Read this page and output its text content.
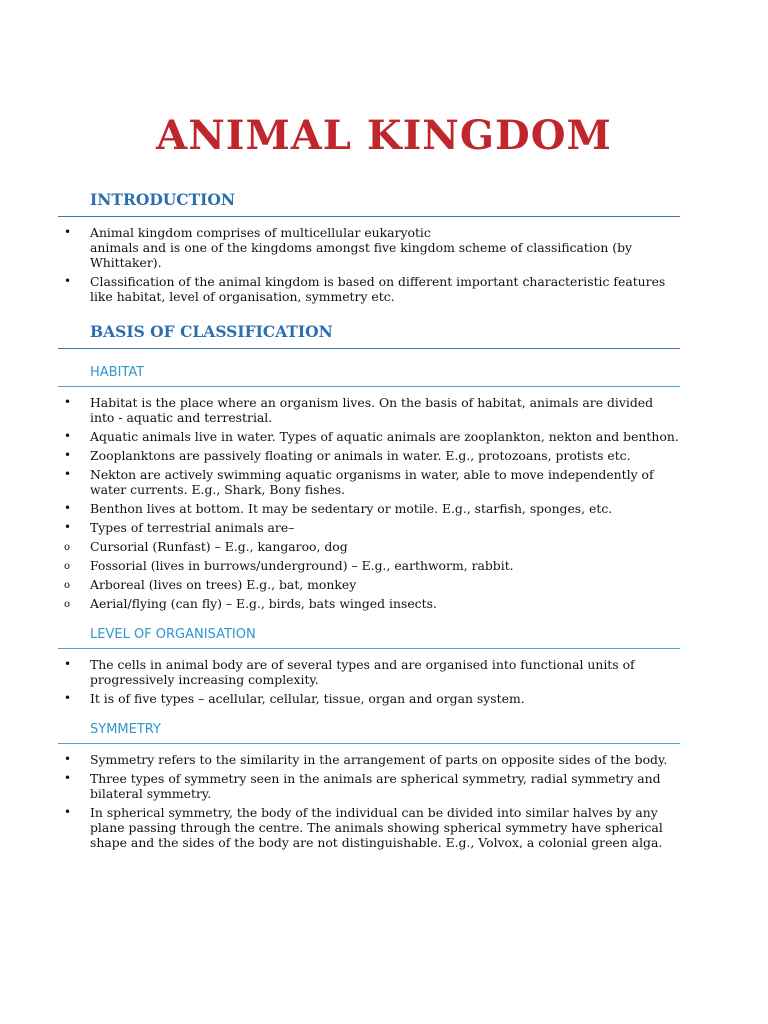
ANIMAL KINGDOM
INTRODUCTION
•	Animal kingdom comprises of multicellular eukaryotic
animals and is one of the kingdoms amongst five kingdom scheme of classification (by Whittaker).
•	Classification of the animal kingdom is based on different important characteristic features like habitat, level of organisation, symmetry etc.
BASIS OF CLASSIFICATION
HABITAT
•	Habitat is the place where an organism lives. On the basis of habitat, animals are divided into - aquatic and terrestrial.
•	Aquatic animals live in water. Types of aquatic animals are zooplankton, nekton and benthon.
•	Zooplanktons are passively floating or animals in water. E.g., protozoans, protists etc.
•	Nekton are actively swimming aquatic organisms in water, able to move independently of water currents. E.g., Shark, Bony fishes.
•	Benthon lives at bottom. It may be sedentary or motile. E.g., starfish, sponges, etc.
•	Types of terrestrial animals are–
o	Cursorial (Runfast) – E.g., kangaroo, dog
o	Fossorial (lives in burrows/underground) – E.g., earthworm, rabbit.
o	Arboreal (lives on trees) E.g., bat, monkey
o	Aerial/flying (can fly) – E.g., birds, bats winged insects.
LEVEL OF ORGANISATION
•	The cells in animal body are of several types and are organised into functional units of progressively increasing complexity.
•	It is of five types – acellular, cellular, tissue, organ and organ system.
SYMMETRY
•	Symmetry refers to the similarity in the arrangement of parts on opposite sides of the body.
•	Three types of symmetry seen in the animals are spherical symmetry, radial symmetry and bilateral symmetry.
•	In spherical symmetry, the body of the individual can be divided into similar halves by any plane passing through the centre. The animals showing spherical symmetry have spherical shape and the sides of the body are not distinguishable. E.g., Volvox, a colonial green alga.
